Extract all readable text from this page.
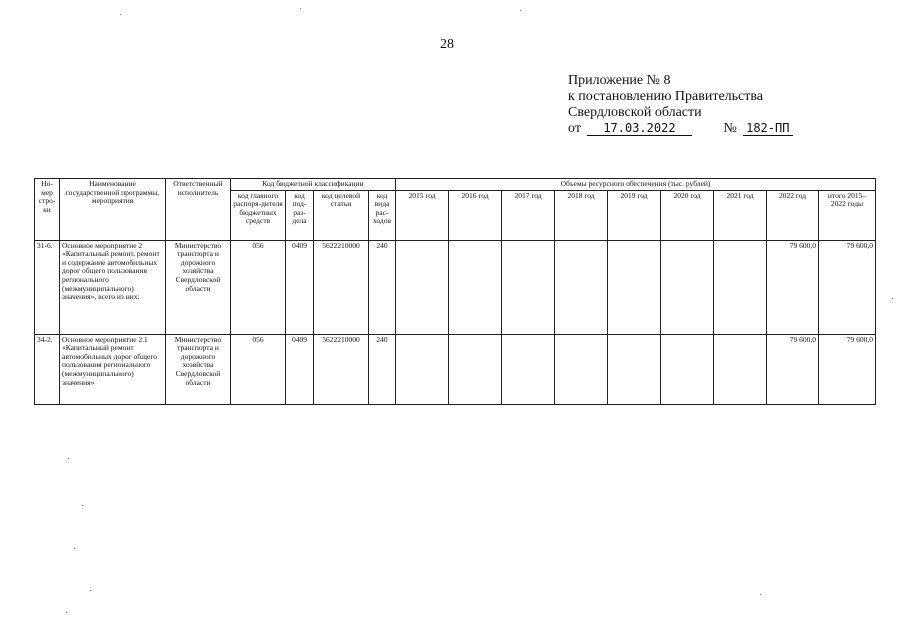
28
Приложение № 8
к постановлению Правительства
Свердловской области
от 17.03.2022	№ 182-ПП
Но-мер стро-ки	Наименование государственной программы, мероприятия	Ответственный исполнитель	Код бюджетной классификации				Объемы ресурсного обеспечения (тыс. рублей)								
			код главного распоря-дителя бюджетных средств	код под-раз-дела	код целевой статьи	код вида рас-ходов	2015 год	2016 год	2017 год	2018 год	2019 год	2020 год	2021 год	2022 год	итого 2015–2022 годы
31-6.	Основное мероприятие 2 «Капитальный ремонт, ремонт и содержание автомобильных дорог общего пользования регионального (межмуниципального) значения», всего из них:	Министерство транспорта и дорожного хозяйства Свердловской области	056	0409	5622210000	240								79 600,0	79 600,0
34-2.	Основное мероприятие 2.1 «Капитальный ремонт автомобильных дорог общего пользования регионального (межмуниципального) значения»	Министерство транспорта и дорожного хозяйства Свердловской области	056	0409	5622210000	240								79 600,0	79 600,0
